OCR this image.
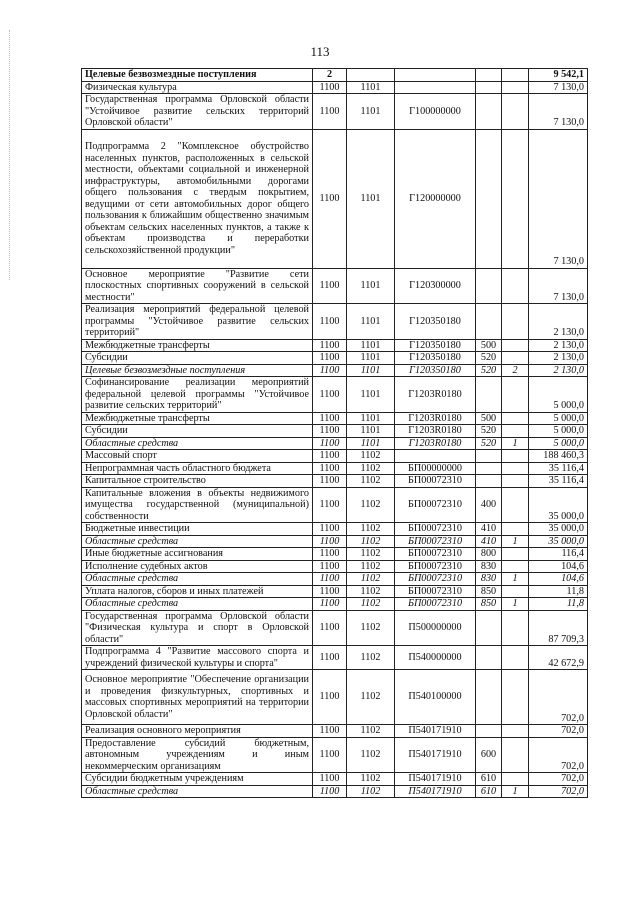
113
Целевые безвозмездные поступления	2					9 542,1
Физическая культура	1100	1101				7 130,0
Государственная программа Орловской области "Устойчивое развитие сельских территорий Орловской области"	1100	1101	Г100000000			7 130,0
Подпрограмма 2 "Комплексное обустройство населенных пунктов, расположенных в сельской местности, объектами социальной и инженерной инфраструктуры, автомобильными дорогами общего пользования с твердым покрытием, ведущими от сети автомобильных дорог общего пользования к ближайшим общественно значимым объектам сельских населенных пунктов, а также к объектам производства и переработки сельскохозяйственной продукции"	1100	1101	Г120000000			7 130,0
Основное мероприятие "Развитие сети плоскостных спортивных сооружений в сельской местности"	1100	1101	Г120300000			7 130,0
Реализация мероприятий федеральной целевой программы "Устойчивое развитие сельских территорий"	1100	1101	Г120350180			2 130,0
Межбюджетные трансферты	1100	1101	Г120350180	500		2 130,0
Субсидии	1100	1101	Г120350180	520		2 130,0
Целевые безвозмездные поступления	1100	1101	Г120350180	520	2	2 130,0
Софинансирование реализации мероприятий федеральной целевой программы "Устойчивое развитие сельских территорий"	1100	1101	Г1203R0180			5 000,0
Межбюджетные трансферты	1100	1101	Г1203R0180	500		5 000,0
Субсидии	1100	1101	Г1203R0180	520		5 000,0
Областные средства	1100	1101	Г1203R0180	520	1	5 000,0
Массовый спорт	1100	1102				188 460,3
Непрограммная часть областного бюджета	1100	1102	БП00000000			35 116,4
Капитальное строительство	1100	1102	БП00072310			35 116,4
Капитальные вложения в объекты недвижимого имущества государственной (муниципальной) собственности	1100	1102	БП00072310	400		35 000,0
Бюджетные инвестиции	1100	1102	БП00072310	410		35 000,0
Областные средства	1100	1102	БП00072310	410	1	35 000,0
Иные бюджетные ассигнования	1100	1102	БП00072310	800		116,4
Исполнение судебных актов	1100	1102	БП00072310	830		104,6
Областные средства	1100	1102	БП00072310	830	1	104,6
Уплата налогов, сборов и иных платежей	1100	1102	БП00072310	850		11,8
Областные средства	1100	1102	БП00072310	850	1	11,8
Государственная программа Орловской области "Физическая культура и спорт в Орловской области"	1100	1102	П500000000			87 709,3
Подпрограмма 4 "Развитие массового спорта и учреждений физической культуры и спорта"	1100	1102	П540000000			42 672,9
Основное мероприятие "Обеспечение организации и проведения физкультурных, спортивных и массовых спортивных мероприятий на территории Орловской области"	1100	1102	П540100000			702,0
Реализация основного мероприятия	1100	1102	П540171910			702,0
Предоставление субсидий бюджетным, автономным учреждениям и иным некоммерческим организациям	1100	1102	П540171910	600		702,0
Субсидии бюджетным учреждениям	1100	1102	П540171910	610		702,0
Областные средства	1100	1102	П540171910	610	1	702,0
